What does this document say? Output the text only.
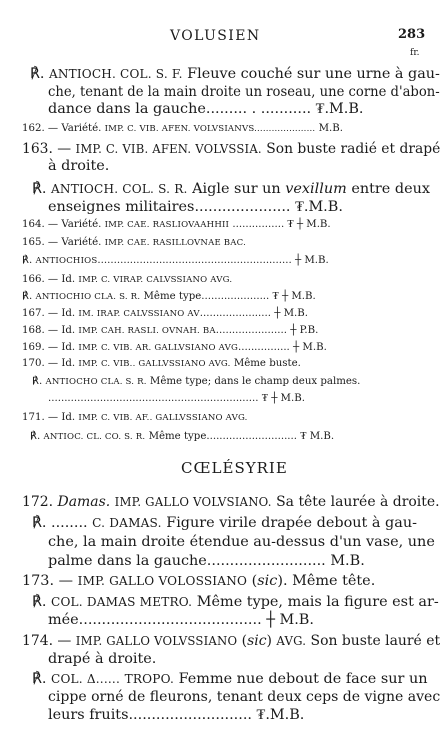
VOLUSIEN	283
fr.
℟. ANTIOCH. COL. S. F. Fleuve couché sur une urne à gau-
che, tenant de la main droite un roseau, une corne d'abon-
dance dans la gauche......... . ........... ₮.M.B.
162. — Variété. IMP. C. VIB. AFEN. VOLVSIANVS..................... M.B.
163. — IMP. C. VIB. AFEN. VOLVSSIA. Son buste radié et drapé
à droite.
℟. ANTIOCH. COL. S. R. Aigle sur un vexillum entre deux
enseignes militaires..................... ₮.M.B.
164. — Variété. IMP. CAE. RASLIOVAAHHII ................ ₮ ┼ M.B.
165. — Variété. IMP. CAE. RASILLOVNAE BAC.
℟. ANTIOCHIOS............................................................ ┼ M.B.
166. — Id. IMP. C. VIRAP. CALVSSIANO AVG.
℟. ANTIOCHIO CLA. S. R. Même type..................... ₮ ┼ M.B.
167. — Id. IM. IRAP. CALVSSIANO AV...................... ┼ M.B.
168. — Id. IMP. CAH. RASLI. OVNAH. BA...................... ┼ P.B.
169. — Id. IMP. C. VIB. AR. GALLVSIANO AVG................ ┼ M.B.
170. — Id. IMP. C. VIB.. GALLVSSIANO AVG. Même buste.
℟. ANTIOCHO CLA. S. R. Même type; dans le champ deux palmes.
................................................................. ₮ ┼ M.B.
171. — Id. IMP. C. VIB. AF.. GALLVSSIANO AVG.
℟. ANTIOC. CL. CO. S. R. Même type............................ ₮ M.B.
172. Damas. IMP. GALLO VOLVSIANO. Sa tête laurée à droite.
℟. ........ C. DAMAS. Figure virile drapée debout à gau-
che, la main droite étendue au-dessus d'un vase, une
palme dans la gauche.......................... M.B.
173. — IMP. GALLO VOLOSSIANO (sic). Même tête.
℟. COL. DAMAS METRO. Même type, mais la figure est ar-
mée........................................ ┼ M.B.
174. — IMP. GALLO VOLVSSIANO (sic) AVG. Son buste lauré et
drapé à droite.
℟. COL. Δ...... TROPO. Femme nue debout de face sur un
cippe orné de fleurons, tenant deux ceps de vigne avec
leurs fruits........................... ₮.M.B.
CŒLÉSYRIE
